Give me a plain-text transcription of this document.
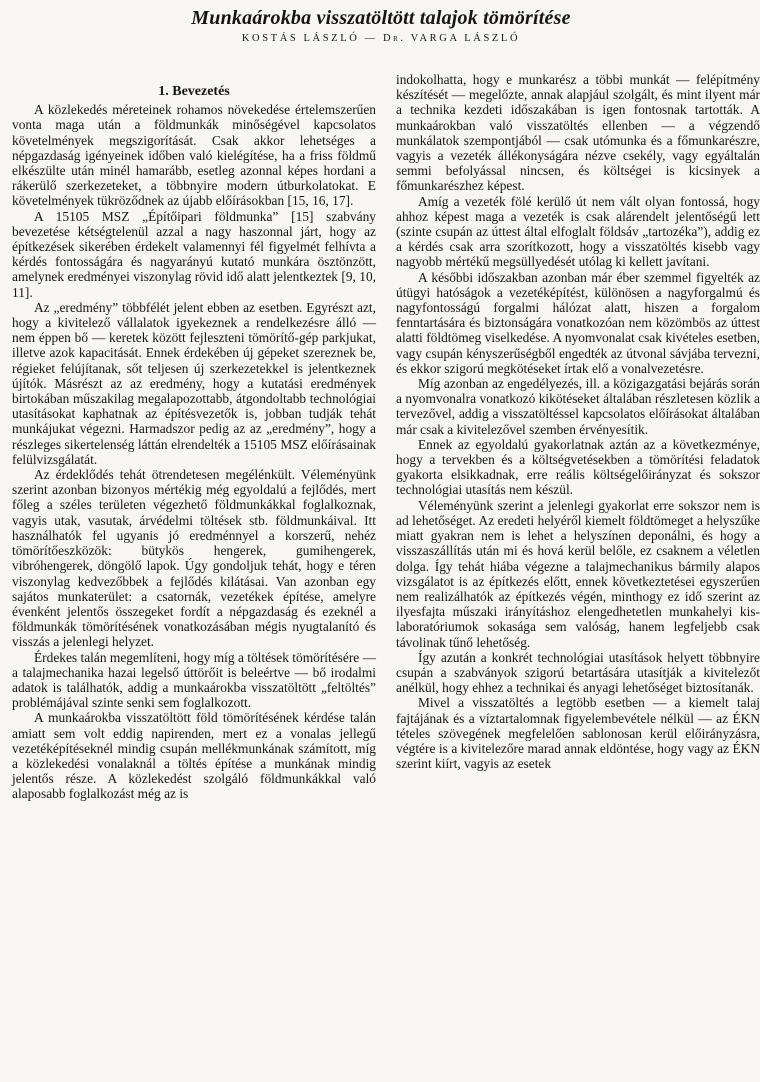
Munkaárokba visszatöltött talajok tömörítése
KOSTÁS LÁSZLÓ — Dr. VARGA LÁSZLÓ
1. Bevezetés

A közlekedés méreteinek rohamos növekedése értelemszerűen vonta maga után a földmunkák minőségével kapcsolatos követelmények megszigorítását. Csak akkor lehetséges a népgazdaság igényeinek időben való kielégítése, ha a friss földmű elkészülte után minél hamarább, esetleg azonnal képes hordani a rákerülő szerkezeteket, a többnyire modern útburkolatokat. E követelmények tükröződnek az újabb előírásokban [15, 16, 17].

A 15105 MSZ „Építőipari földmunka” [15] szabvány bevezetése kétségtelenül azzal a nagy haszonnal járt, hogy az építkezések sikerében érdekelt valamennyi fél figyelmét felhívta a kérdés fontosságára és nagyarányú kutató munkára ösztönzött, amelynek eredményei viszonylag rövid idő alatt jelentkeztek [9, 10, 11].

Az „eredmény” többfélét jelent ebben az esetben. Egyrészt azt, hogy a kivitelező vállalatok igyekeznek a rendelkezésre álló — nem éppen bő — keretek között fejleszteni tömörítő-gép parkjukat, illetve azok kapacitását. Ennek érdekében új gépeket szereznek be, régieket felújítanak, sőt teljesen új szerkezetekkel is jelentkeznek újítók. Másrészt az az eredmény, hogy a kutatási eredmények birtokában műszakilag megalapozottabb, átgondoltabb technológiai utasításokat kaphatnak az építésvezetők is, jobban tudják tehát munkájukat végezni. Harmadszor pedig az az „eredmény”, hogy a részleges sikertelenség láttán elrendelték a 15105 MSZ előírásainak felülvizsgálatát.

Az érdeklődés tehát ötrendetesen megélénkült. Véleményünk szerint azonban bizonyos mértékig még egyoldalú a fejlődés, mert főleg a széles területen végezhető földmunkákkal foglalkoznak, vagyis utak, vasutak, árvédelmi töltések stb. földmunkáival. Itt használhatók fel ugyanis jó eredménnyel a korszerű, nehéz tömörítőeszközök: bütykös hengerek, gumihengerek, vibróhengerek, döngölő lapok. Úgy gondoljuk tehát, hogy e téren viszonylag kedvezőbbek a fejlődés kilátásai. Van azonban egy sajátos munkaterület: a csatornák, vezetékek építése, amelyre évenként jelentős összegeket fordít a népgazdaság és ezeknél a földmunkák tömörítésének vonatkozásában mégis nyugtalanító és visszás a jelenlegi helyzet.

Érdekes talán megemlíteni, hogy míg a töltések tömörítésére — a talajmechanika hazai legelső úttörőit is beleértve — bő irodalmi adatok is találhatók, addig a munkaárokba visszatöltött „feltöltés” problémájával szinte senki sem foglalkozott.

A munkaárokba visszatöltött föld tömörítésének kérdése talán amiatt sem volt eddig napirenden, mert ez a vonalas jellegű vezetéképítéseknél mindig csupán mellékmunkának számított, míg a közlekedési vonalaknál a töltés építése a munkának mindig jelentős része. A közlekedést szolgáló földmunkákkal való alaposabb foglalkozást még az is

indokolhatta, hogy e munkarész a többi munkát — felépítmény készítését — megelőzte, annak alapjául szolgált, és mint ilyent már a technika kezdeti időszakában is igen fontosnak tartották. A munkaárokban való visszatöltés ellenben — a végzendő munkálatok szempontjából — csak utómunka és a főmunkarészre, vagyis a vezeték állékonyságára nézve csekély, vagy egyáltalán semmi befolyással nincsen, és költségei is kicsinyek a főmunkarészhez képest.

Amíg a vezeték fölé kerülő út nem vált olyan fontossá, hogy ahhoz képest maga a vezeték is csak alárendelt jelentőségű lett (szinte csupán az úttest által elfoglalt földsáv „tartozéka”), addig ez a kérdés csak arra szorítkozott, hogy a visszatöltés kisebb vagy nagyobb mértékű megsüllyedését utólag ki kellett javítani.

A későbbi időszakban azonban már éber szemmel figyelték az útügyi hatóságok a vezetéképítést, különösen a nagyforgalmú és nagyfontosságú forgalmi hálózat alatt, hiszen a forgalom fenntartására és biztonságára vonatkozóan nem közömbös az úttest alatti földtömeg viselkedése. A nyomvonalat csak kivételes esetben, vagy csupán kényszerűségből engedték az útvonal sávjába tervezni, és ekkor szigorú megkötéseket írtak elő a vonalvezetésre.

Míg azonban az engedélyezés, ill. a közigazgatási bejárás során a nyomvonalra vonatkozó kikötéseket általában részletesen közlik a tervezővel, addig a visszatöltéssel kapcsolatos előírásokat általában már csak a kivitelezővel szemben érvényesítik.

Ennek az egyoldalú gyakorlatnak aztán az a következménye, hogy a tervekben és a költségvetésekben a tömörítési feladatok gyakorta elsikkadnak, erre reális költségelőirányzat és sokszor technológiai utasítás nem készül.

Véleményünk szerint a jelenlegi gyakorlat erre sokszor nem is ad lehetőséget. Az eredeti helyéről kiemelt földtömeget a helyszűke miatt gyakran nem is lehet a helyszínen deponálni, és hogy a visszaszállítás után mi és hová kerül belőle, ez csaknem a véletlen dolga. Így tehát hiába végezne a talajmechanikus bármily alapos vizsgálatot is az építkezés előtt, ennek következtetései egyszerűen nem realizálhatók az építkezés végén, minthogy ez idő szerint az ilyesfajta műszaki irányításhoz elengedhetetlen munkahelyi kis-laboratóriumok sokasága sem valóság, hanem legfeljebb csak távolinak tűnő lehetőség.

Így azután a konkrét technológiai utasítások helyett többnyire csupán a szabványok szigorú betartására utasítják a kivitelezőt anélkül, hogy ehhez a technikai és anyagi lehetőséget biztosítanák.

Mivel a visszatöltés a legtöbb esetben — a kiemelt talaj fajtájának és a víztartalomnak figyelembevétele nélkül — az ÉKN tételes szövegének megfelelően sablonosan kerül előirányzásra, végtére is a kivitelezőre marad annak eldöntése, hogy vagy az ÉKN szerint kiírt, vagyis az esetek
